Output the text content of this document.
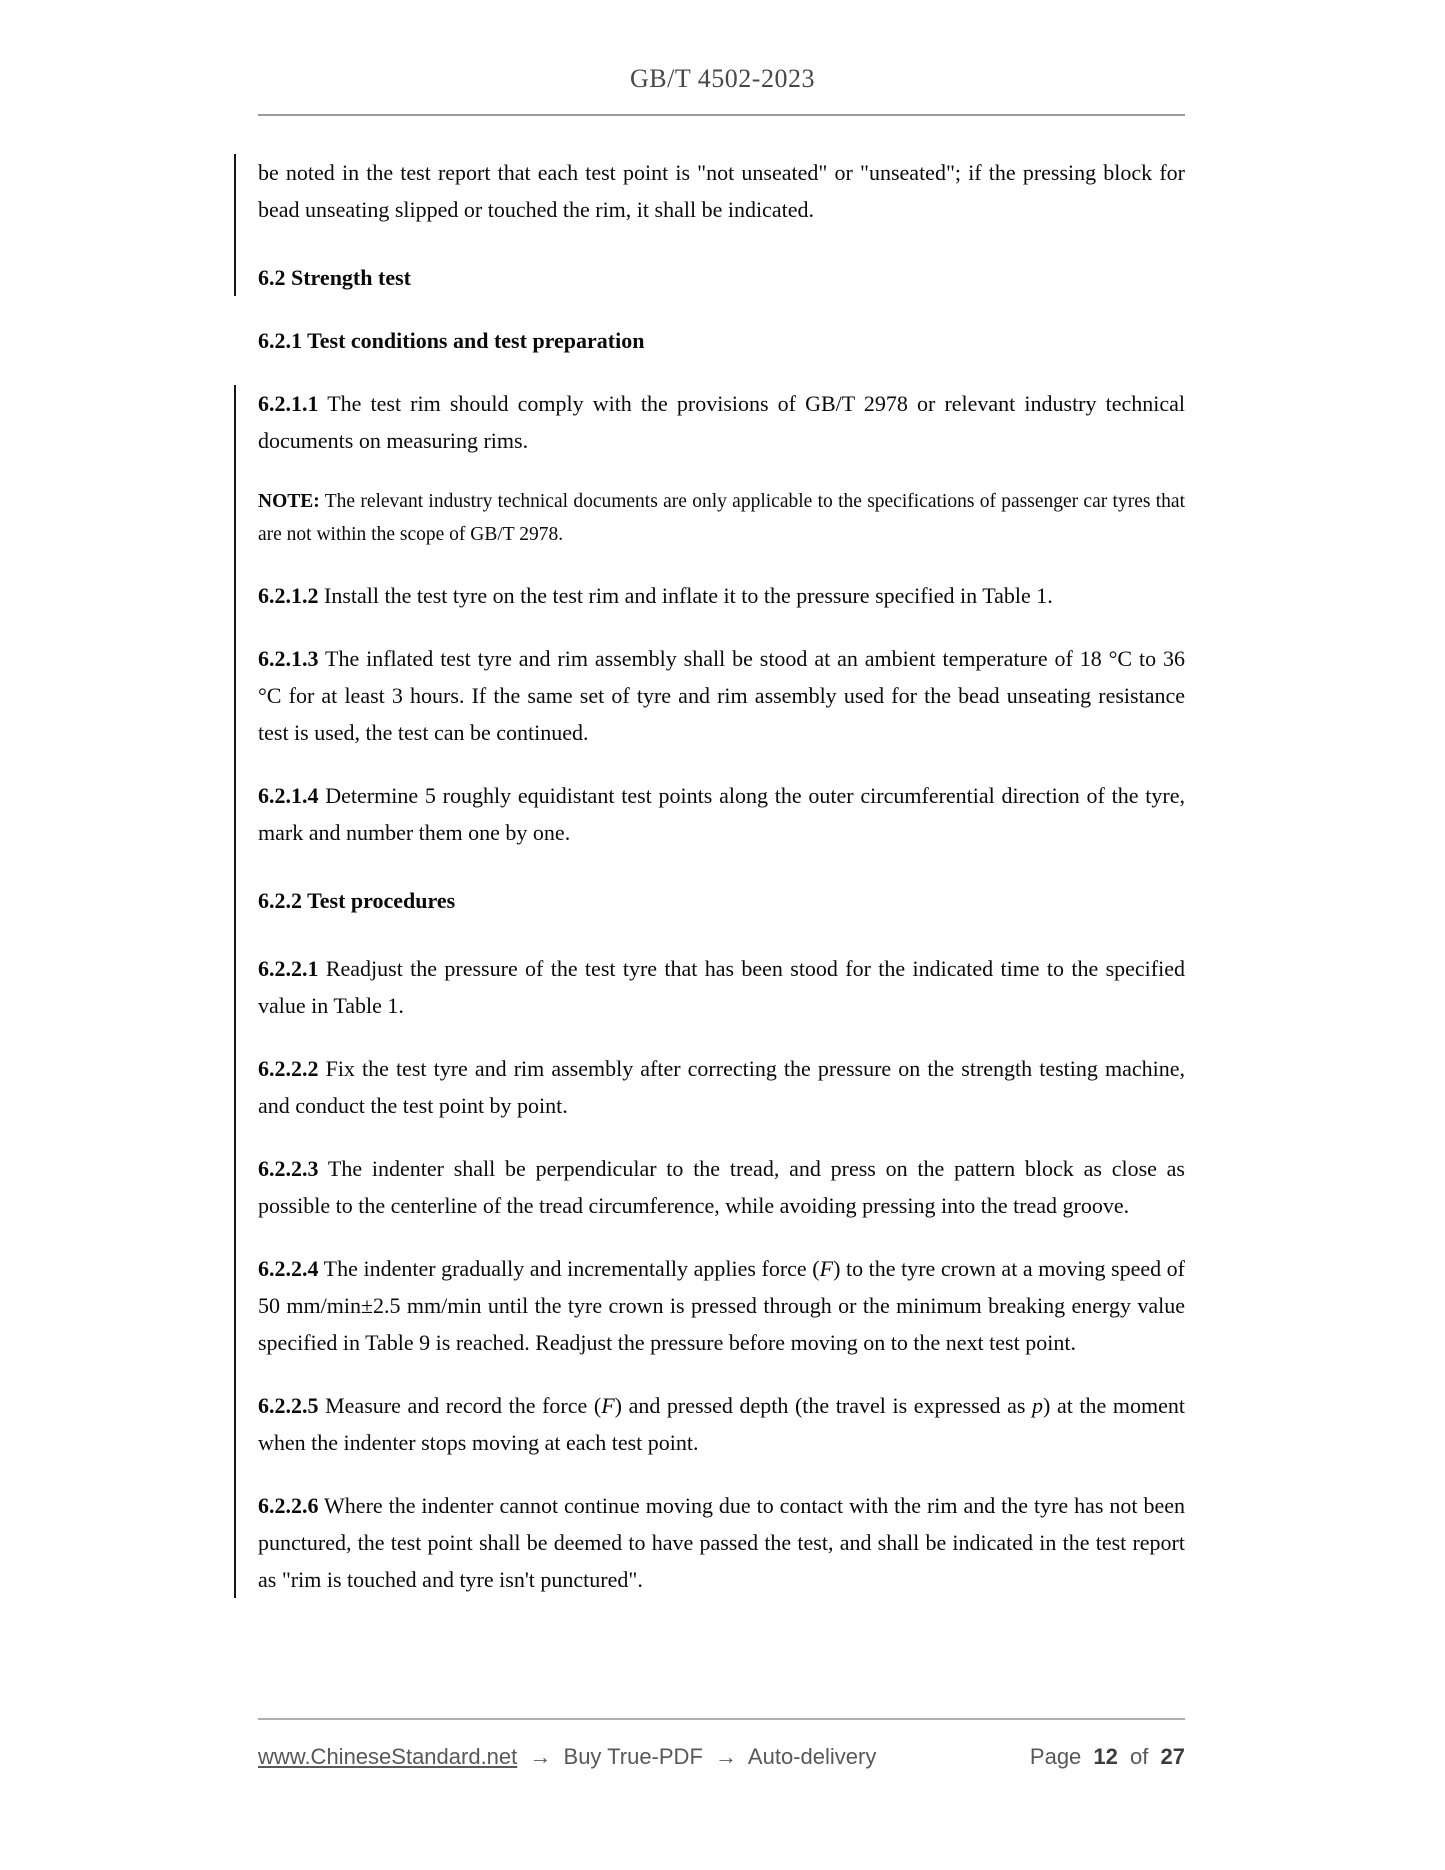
GB/T 4502-2023

be noted in the test report that each test point is "not unseated" or "unseated"; if the pressing block for bead unseating slipped or touched the rim, it shall be indicated.

6.2 Strength test

6.2.1 Test conditions and test preparation

6.2.1.1 The test rim should comply with the provisions of GB/T 2978 or relevant industry technical documents on measuring rims.

NOTE: The relevant industry technical documents are only applicable to the specifications of passenger car tyres that are not within the scope of GB/T 2978.

6.2.1.2 Install the test tyre on the test rim and inflate it to the pressure specified in Table 1.

6.2.1.3 The inflated test tyre and rim assembly shall be stood at an ambient temperature of 18 °C to 36 °C for at least 3 hours. If the same set of tyre and rim assembly used for the bead unseating resistance test is used, the test can be continued.

6.2.1.4 Determine 5 roughly equidistant test points along the outer circumferential direction of the tyre, mark and number them one by one.

6.2.2 Test procedures

6.2.2.1 Readjust the pressure of the test tyre that has been stood for the indicated time to the specified value in Table 1.

6.2.2.2 Fix the test tyre and rim assembly after correcting the pressure on the strength testing machine, and conduct the test point by point.

6.2.2.3 The indenter shall be perpendicular to the tread, and press on the pattern block as close as possible to the centerline of the tread circumference, while avoiding pressing into the tread groove.

6.2.2.4 The indenter gradually and incrementally applies force (F) to the tyre crown at a moving speed of 50 mm/min±2.5 mm/min until the tyre crown is pressed through or the minimum breaking energy value specified in Table 9 is reached. Readjust the pressure before moving on to the next test point.

6.2.2.5 Measure and record the force (F) and pressed depth (the travel is expressed as p) at the moment when the indenter stops moving at each test point.

6.2.2.6 Where the indenter cannot continue moving due to contact with the rim and the tyre has not been punctured, the test point shall be deemed to have passed the test, and shall be indicated in the test report as "rim is touched and tyre isn't punctured".

www.ChineseStandard.net → Buy True-PDF → Auto-delivery	Page 12 of 27
